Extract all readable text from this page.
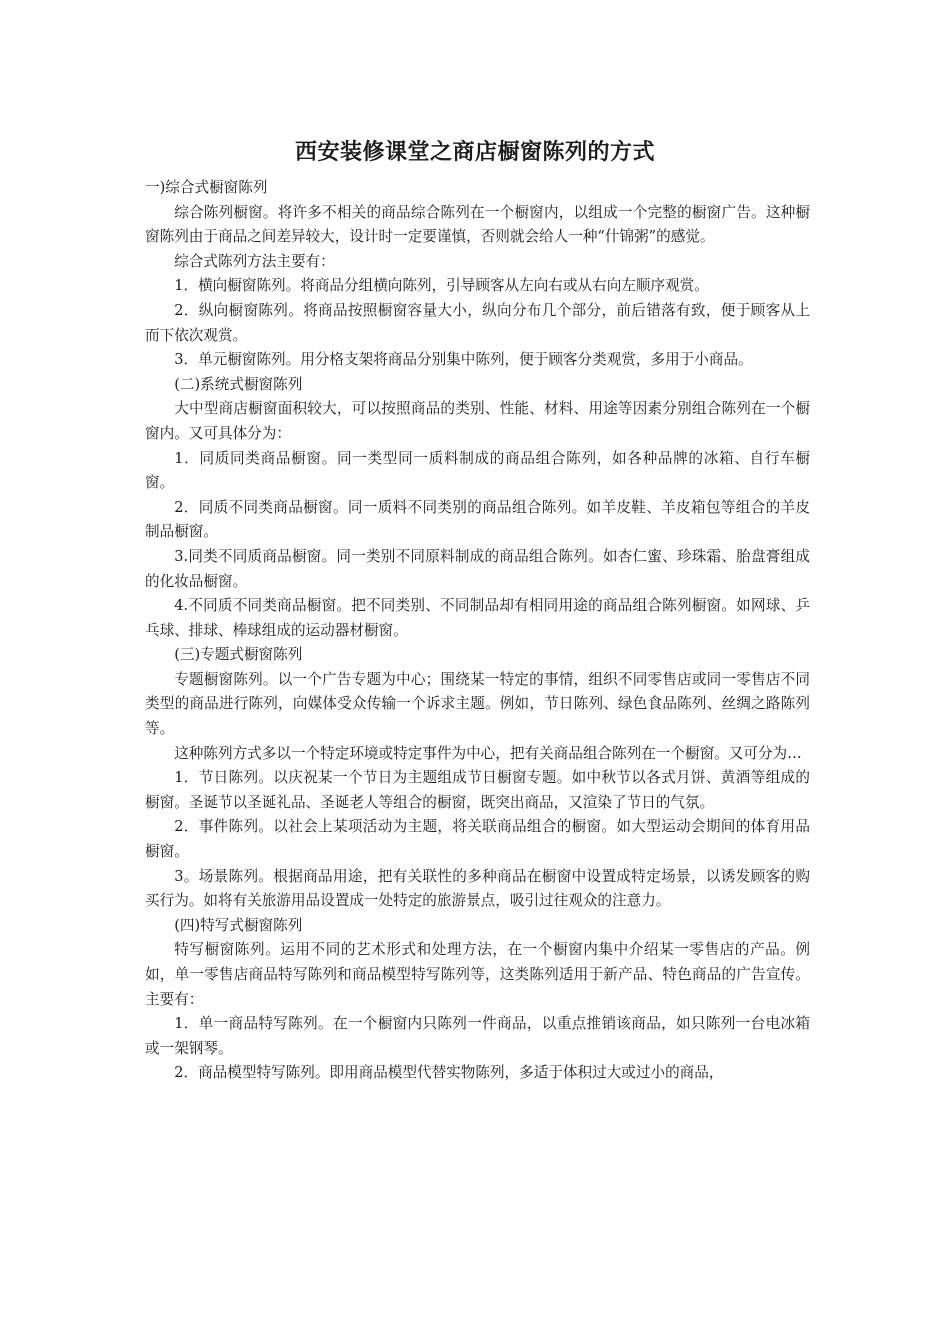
西安装修课堂之商店橱窗陈列的方式

一)综合式橱窗陈列

综合陈列橱窗。将许多不相关的商品综合陈列在一个橱窗内，以组成一个完整的橱窗广告。这种橱窗陈列由于商品之间差异较大，设计时一定要谨慎，否则就会给人一种“什锦粥”的感觉。

综合式陈列方法主要有：

1．横向橱窗陈列。将商品分组横向陈列，引导顾客从左向右或从右向左顺序观赏。

2．纵向橱窗陈列。将商品按照橱窗容量大小，纵向分布几个部分，前后错落有致，便于顾客从上而下依次观赏。

3．单元橱窗陈列。用分格支架将商品分别集中陈列，便于顾客分类观赏，多用于小商品。

(二)系统式橱窗陈列

大中型商店橱窗面积较大，可以按照商品的类别、性能、材料、用途等因素分别组合陈列在一个橱窗内。又可具体分为：

1．同质同类商品橱窗。同一类型同一质料制成的商品组合陈列，如各种品牌的冰箱、自行车橱窗。

2．同质不同类商品橱窗。同一质料不同类别的商品组合陈列。如羊皮鞋、羊皮箱包等组合的羊皮制品橱窗。

3.同类不同质商品橱窗。同一类别不同原料制成的商品组合陈列。如杏仁蜜、珍珠霜、胎盘膏组成的化妆品橱窗。

4.不同质不同类商品橱窗。把不同类别、不同制品却有相同用途的商品组合陈列橱窗。如网球、乒乓球、排球、棒球组成的运动器材橱窗。

(三)专题式橱窗陈列

专题橱窗陈列。以一个广告专题为中心；围绕某一特定的事情，组织不同零售店或同一零售店不同类型的商品进行陈列，向媒体受众传输一个诉求主题。例如，节日陈列、绿色食品陈列、丝绸之路陈列等。

这种陈列方式多以一个特定环境或特定事件为中心，把有关商品组合陈列在一个橱窗。又可分为…

1．节日陈列。以庆祝某一个节日为主题组成节日橱窗专题。如中秋节以各式月饼、黄酒等组成的橱窗。圣诞节以圣诞礼品、圣诞老人等组合的橱窗，既突出商品，又渲染了节日的气氛。

2．事件陈列。以社会上某项活动为主题，将关联商品组合的橱窗。如大型运动会期间的体育用品橱窗。

3。场景陈列。根据商品用途，把有关联性的多种商品在橱窗中设置成特定场景，以诱发顾客的购买行为。如将有关旅游用品设置成一处特定的旅游景点，吸引过往观众的注意力。

(四)特写式橱窗陈列

特写橱窗陈列。运用不同的艺术形式和处理方法，在一个橱窗内集中介绍某一零售店的产品。例如，单一零售店商品特写陈列和商品模型特写陈列等，这类陈列适用于新产品、特色商品的广告宣传。主要有：

1．单一商品特写陈列。在一个橱窗内只陈列一件商品，以重点推销该商品，如只陈列一台电冰箱或一架钢琴。

2．商品模型特写陈列。即用商品模型代替实物陈列，多适于体积过大或过小的商品，
